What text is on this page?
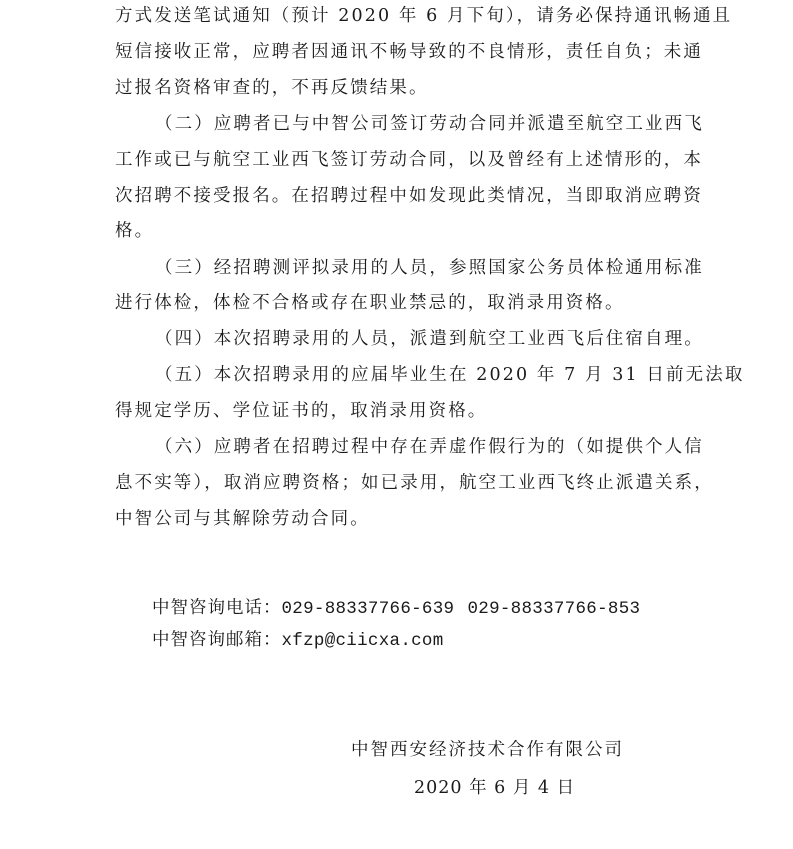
方式发送笔试通知（预计 2020 年 6 月下旬），请务必保持通讯畅通且
短信接收正常，应聘者因通讯不畅导致的不良情形，责任自负；未通
过报名资格审查的，不再反馈结果。
（二）应聘者已与中智公司签订劳动合同并派遣至航空工业西飞
工作或已与航空工业西飞签订劳动合同，以及曾经有上述情形的，本
次招聘不接受报名。在招聘过程中如发现此类情况，当即取消应聘资
格。
（三）经招聘测评拟录用的人员，参照国家公务员体检通用标准
进行体检，体检不合格或存在职业禁忌的，取消录用资格。
（四）本次招聘录用的人员，派遣到航空工业西飞后住宿自理。
（五）本次招聘录用的应届毕业生在 2020 年 7 月 31 日前无法取
得规定学历、学位证书的，取消录用资格。
（六）应聘者在招聘过程中存在弄虚作假行为的（如提供个人信
息不实等），取消应聘资格；如已录用，航空工业西飞终止派遣关系，
中智公司与其解除劳动合同。
中智咨询电话：029-88337766-639 029-88337766-853
中智咨询邮箱：xfzp@ciicxa.com
中智西安经济技术合作有限公司
2020 年 6 月 4 日
